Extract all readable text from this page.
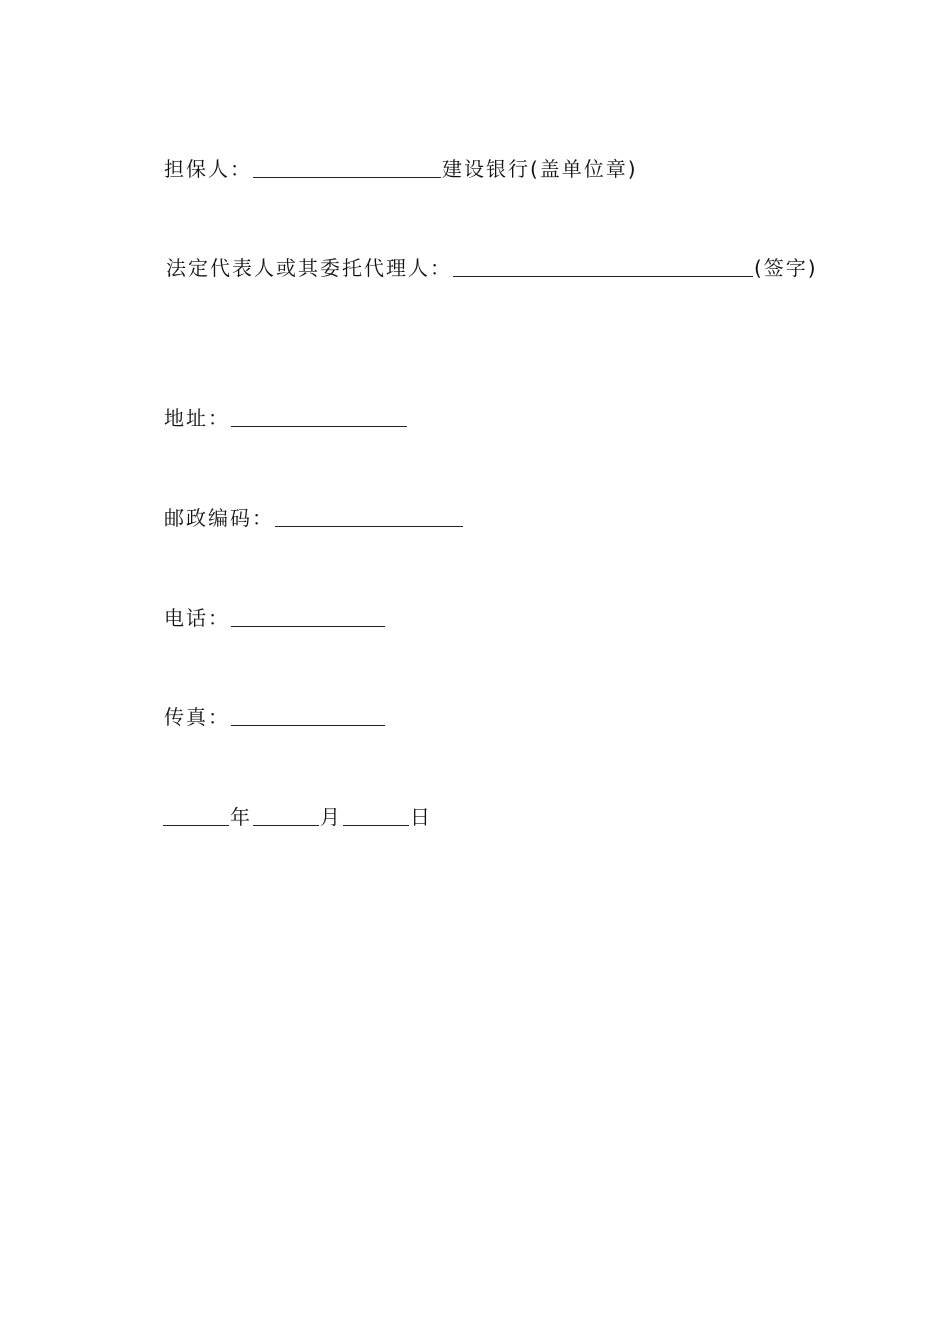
担保人：	建设银行(盖单位章)
法定代表人或其委托代理人：	(签字)
地址：
邮政编码：
电话：
传真：
年	月	日
